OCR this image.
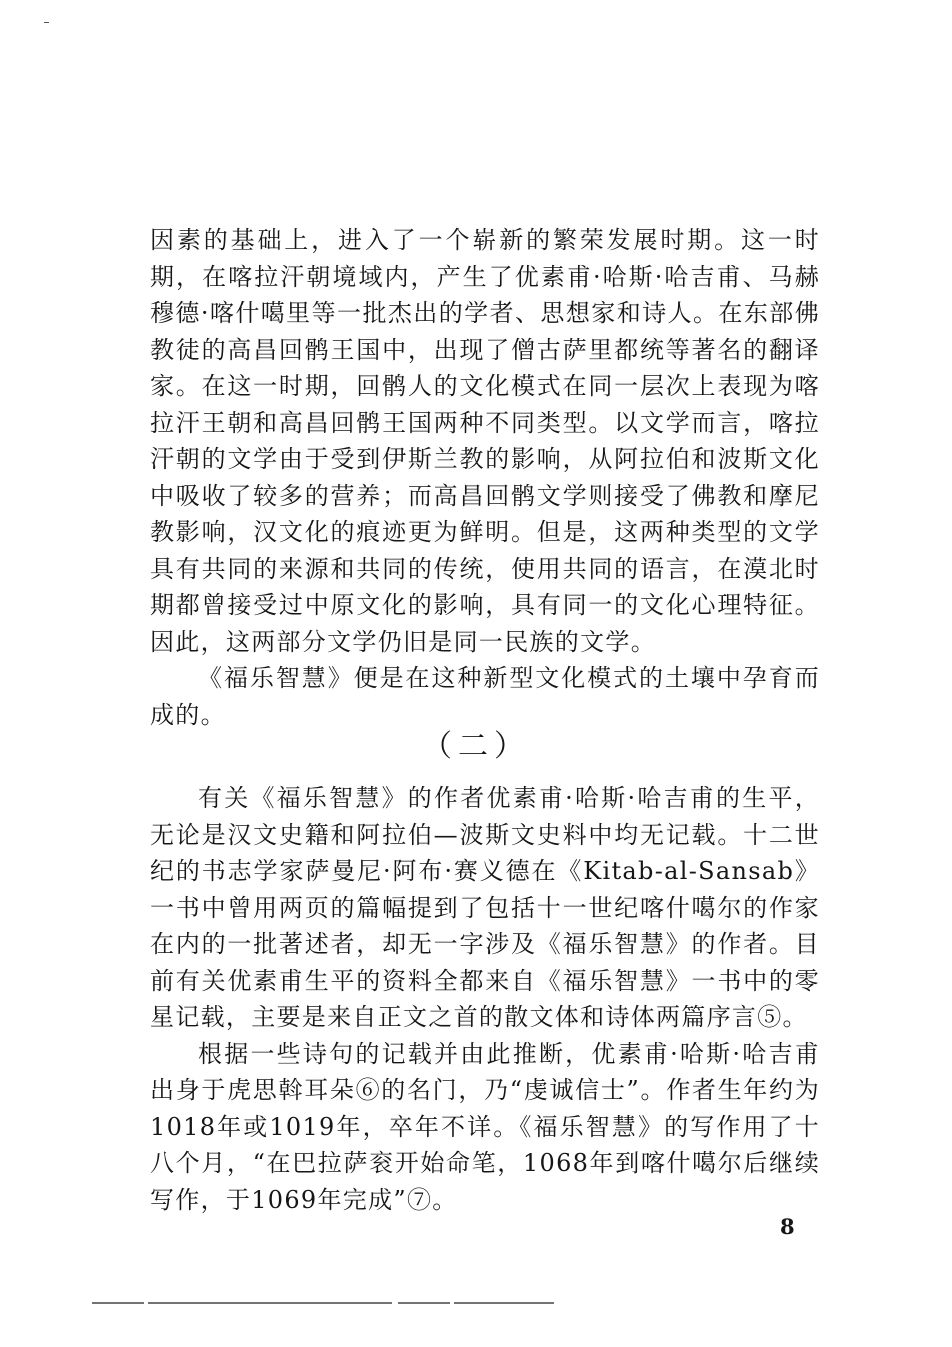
因素的基础上，进入了一个崭新的繁荣发展时期。这一时期，在喀拉汗朝境域内，产生了优素甫·哈斯·哈吉甫、马赫穆德·喀什噶里等一批杰出的学者、思想家和诗人。在东部佛教徒的高昌回鹘王国中，出现了僧古萨里都统等著名的翻译家。在这一时期，回鹘人的文化模式在同一层次上表现为喀拉汗王朝和高昌回鹘王国两种不同类型。以文学而言，喀拉汗朝的文学由于受到伊斯兰教的影响，从阿拉伯和波斯文化中吸收了较多的营养；而高昌回鹘文学则接受了佛教和摩尼教影响，汉文化的痕迹更为鲜明。但是，这两种类型的文学具有共同的来源和共同的传统，使用共同的语言，在漠北时期都曾接受过中原文化的影响，具有同一的文化心理特征。因此，这两部分文学仍旧是同一民族的文学。

《福乐智慧》便是在这种新型文化模式的土壤中孕育而成的。

（二）

有关《福乐智慧》的作者优素甫·哈斯·哈吉甫的生平，无论是汉文史籍和阿拉伯—波斯文史料中均无记载。十二世纪的书志学家萨曼尼·阿布·赛义德在《Kitab-al-Sansab》一书中曾用两页的篇幅提到了包括十一世纪喀什噶尔的作家在内的一批著述者，却无一字涉及《福乐智慧》的作者。目前有关优素甫生平的资料全都来自《福乐智慧》一书中的零星记载，主要是来自正文之首的散文体和诗体两篇序言⑤。

根据一些诗句的记载并由此推断，优素甫·哈斯·哈吉甫出身于虎思斡耳朵⑥的名门，乃“虔诚信士”。作者生年约为1018年或1019年，卒年不详。《福乐智慧》的写作用了十八个月，“在巴拉萨衮开始命笔，1068年到喀什噶尔后继续写作，于1069年完成”⑦。

8
